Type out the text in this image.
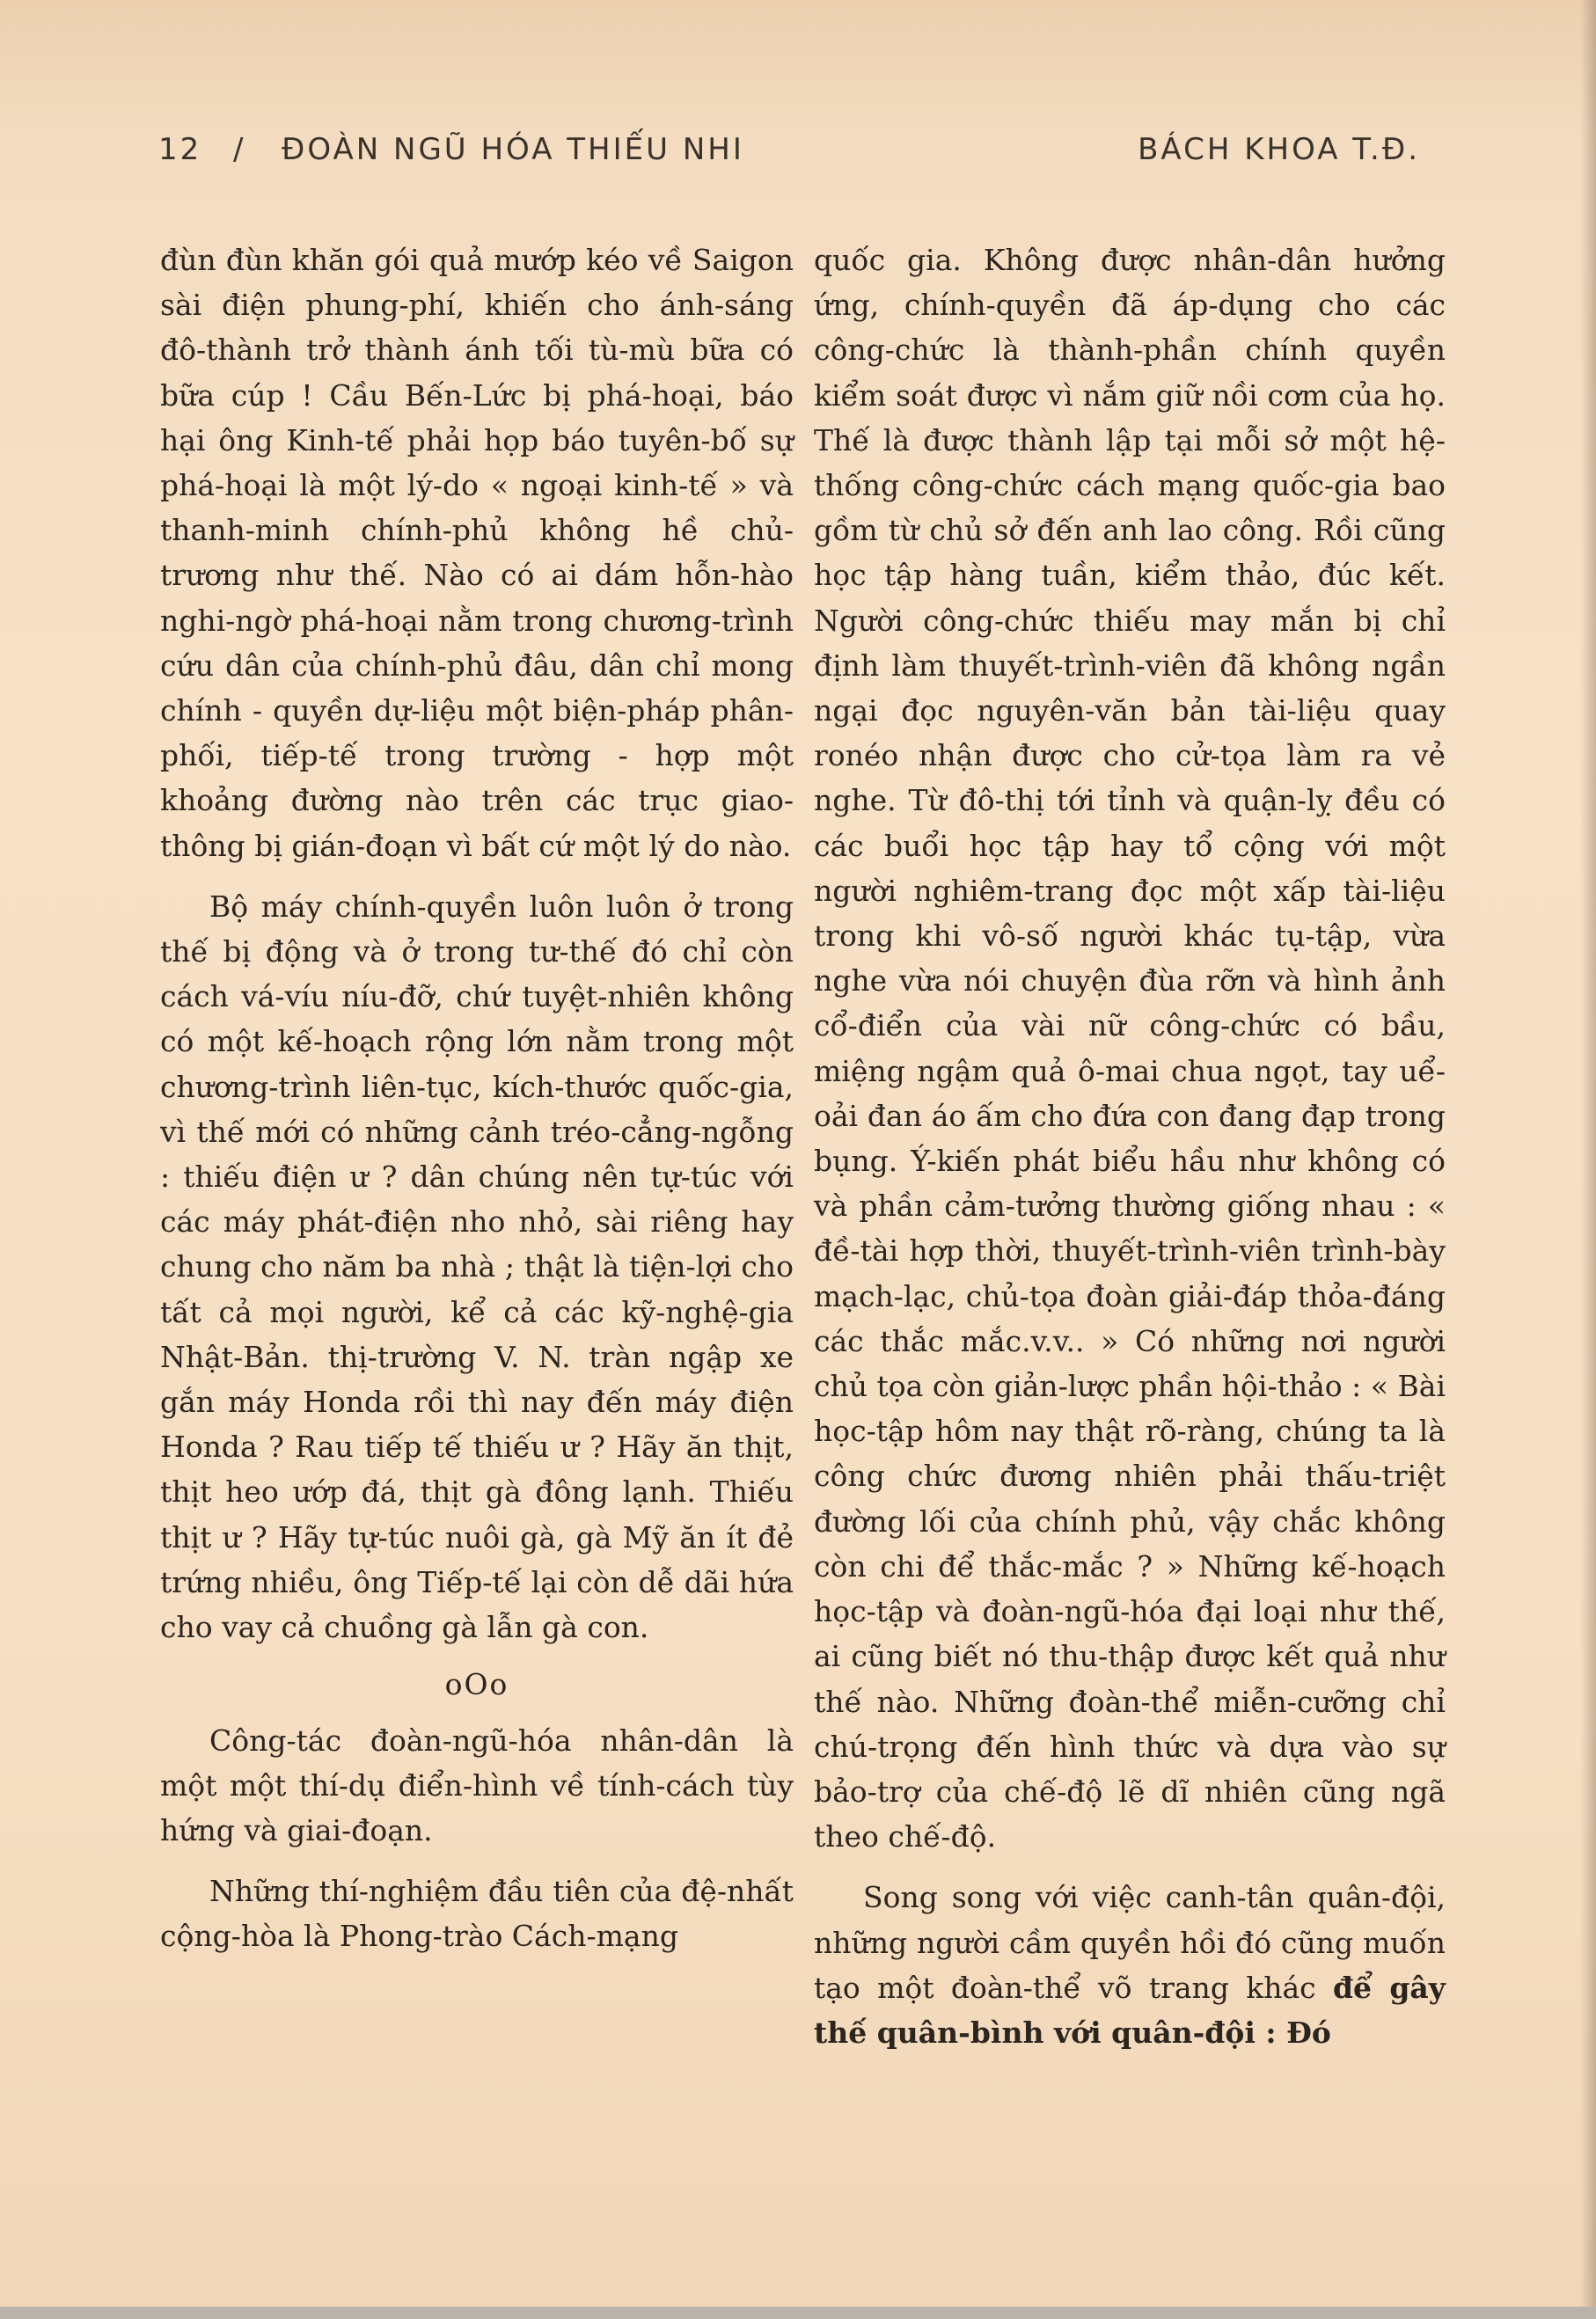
12 / ĐOÀN NGŨ HÓA THIẾU NHI	BÁCH KHOA T.Đ.

đùn đùn khăn gói quả mướp kéo về Saigon sài điện phung-phí, khiến cho ánh-sáng đô-thành trở thành ánh tối tù-mù bữa có bữa cúp ! Cầu Bến-Lức bị phá-hoại, báo hại ông Kinh-tế phải họp báo tuyên-bố sự phá-hoại là một lý-do « ngoại kinh-tế » và thanh-minh chính-phủ không hề chủ-trương như thế. Nào có ai dám hỗn-hào nghi-ngờ phá-hoại nằm trong chương-trình cứu dân của chính-phủ đâu, dân chỉ mong chính - quyền dự-liệu một biện-pháp phân-phối, tiếp-tế trong trường - hợp một khoảng đường nào trên các trục giao-thông bị gián-đoạn vì bất cứ một lý do nào.

Bộ máy chính-quyền luôn luôn ở trong thế bị động và ở trong tư-thế đó chỉ còn cách vá-víu níu-đỡ, chứ tuyệt-nhiên không có một kế-hoạch rộng lớn nằm trong một chương-trình liên-tục, kích-thước quốc-gia, vì thế mới có những cảnh tréo-cẳng-ngỗng : thiếu điện ư ? dân chúng nên tự-túc với các máy phát-điện nho nhỏ, sài riêng hay chung cho năm ba nhà ; thật là tiện-lợi cho tất cả mọi người, kể cả các kỹ-nghệ-gia Nhật-Bản. thị-trường V. N. tràn ngập xe gắn máy Honda rồi thì nay đến máy điện Honda ? Rau tiếp tế thiếu ư ? Hãy ăn thịt, thịt heo ướp đá, thịt gà đông lạnh. Thiếu thịt ư ? Hãy tự-túc nuôi gà, gà Mỹ ăn ít đẻ trứng nhiều, ông Tiếp-tế lại còn dễ dãi hứa cho vay cả chuồng gà lẫn gà con.

oOo

Công-tác đoàn-ngũ-hóa nhân-dân là một một thí-dụ điển-hình về tính-cách tùy hứng và giai-đoạn.

Những thí-nghiệm đầu tiên của đệ-nhất cộng-hòa là Phong-trào Cách-mạng

quốc gia. Không được nhân-dân hưởng ứng, chính-quyền đã áp-dụng cho các công-chức là thành-phần chính quyền kiểm soát được vì nắm giữ nồi cơm của họ. Thế là được thành lập tại mỗi sở một hệ-thống công-chức cách mạng quốc-gia bao gồm từ chủ sở đến anh lao công. Rồi cũng học tập hàng tuần, kiểm thảo, đúc kết. Người công-chức thiếu may mắn bị chỉ định làm thuyết-trình-viên đã không ngần ngại đọc nguyên-văn bản tài-liệu quay ronéo nhận được cho cử-tọa làm ra vẻ nghe. Từ đô-thị tới tỉnh và quận-lỵ đều có các buổi học tập hay tổ cộng với một người nghiêm-trang đọc một xấp tài-liệu trong khi vô-số người khác tụ-tập, vừa nghe vừa nói chuyện đùa rỡn và hình ảnh cổ-điển của vài nữ công-chức có bầu, miệng ngậm quả ô-mai chua ngọt, tay uể-oải đan áo ấm cho đứa con đang đạp trong bụng. Ý-kiến phát biểu hầu như không có và phần cảm-tưởng thường giống nhau : « đề-tài hợp thời, thuyết-trình-viên trình-bày mạch-lạc, chủ-tọa đoàn giải-đáp thỏa-đáng các thắc mắc.v.v.. » Có những nơi người chủ tọa còn giản-lược phần hội-thảo : « Bài học-tập hôm nay thật rõ-ràng, chúng ta là công chức đương nhiên phải thấu-triệt đường lối của chính phủ, vậy chắc không còn chi để thắc-mắc ? » Những kế-hoạch học-tập và đoàn-ngũ-hóa đại loại như thế, ai cũng biết nó thu-thập được kết quả như thế nào. Những đoàn-thể miễn-cưỡng chỉ chú-trọng đến hình thức và dựa vào sự bảo-trợ của chế-độ lẽ dĩ nhiên cũng ngã theo chế-độ.

Song song với việc canh-tân quân-đội, những người cầm quyền hồi đó cũng muốn tạo một đoàn-thể võ trang khác để gây thế quân-bình với quân-đội : Đó
